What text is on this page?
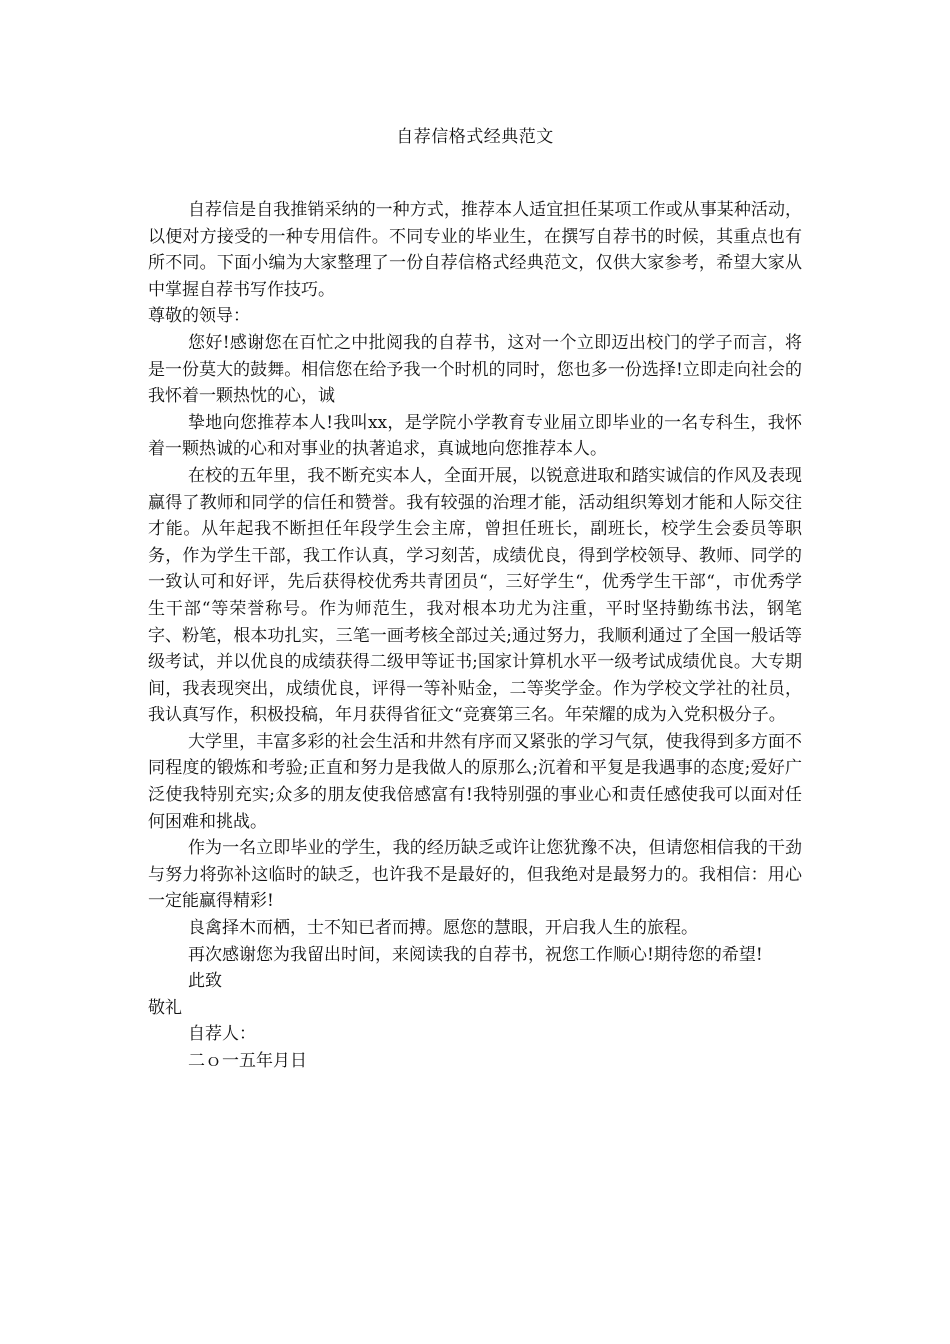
自荐信格式经典范文

自荐信是自我推销采纳的一种方式，推荐本人适宜担任某项工作或从事某种活动，以便对方接受的一种专用信件。不同专业的毕业生，在撰写自荐书的时候，其重点也有所不同。下面小编为大家整理了一份自荐信格式经典范文，仅供大家参考，希望大家从中掌握自荐书写作技巧。

尊敬的领导：

您好!感谢您在百忙之中批阅我的自荐书，这对一个立即迈出校门的学子而言，将是一份莫大的鼓舞。相信您在给予我一个时机的同时，您也多一份选择!立即走向社会的我怀着一颗热忱的心，诚

挚地向您推荐本人!我叫xx，是学院小学教育专业届立即毕业的一名专科生，我怀着一颗热诚的心和对事业的执著追求，真诚地向您推荐本人。

在校的五年里，我不断充实本人，全面开展，以锐意进取和踏实诚信的作风及表现赢得了教师和同学的信任和赞誉。我有较强的治理才能，活动组织筹划才能和人际交往才能。从年起我不断担任年段学生会主席，曾担任班长，副班长，校学生会委员等职务，作为学生干部，我工作认真，学习刻苦，成绩优良，得到学校领导、教师、同学的一致认可和好评，先后获得校优秀共青团员“，三好学生“，优秀学生干部“，市优秀学生干部“等荣誉称号。作为师范生，我对根本功尤为注重，平时坚持勤练书法，钢笔字、粉笔，根本功扎实，三笔一画考核全部过关;通过努力，我顺利通过了全国一般话等级考试，并以优良的成绩获得二级甲等证书;国家计算机水平一级考试成绩优良。大专期间，我表现突出，成绩优良，评得一等补贴金，二等奖学金。作为学校文学社的社员，我认真写作，积极投稿，年月获得省征文“竞赛第三名。年荣耀的成为入党积极分子。

大学里，丰富多彩的社会生活和井然有序而又紧张的学习气氛，使我得到多方面不同程度的锻炼和考验;正直和努力是我做人的原那么;沉着和平复是我遇事的态度;爱好广泛使我特别充实;众多的朋友使我倍感富有!我特别强的事业心和责任感使我可以面对任何困难和挑战。

作为一名立即毕业的学生，我的经历缺乏或许让您犹豫不决，但请您相信我的干劲与努力将弥补这临时的缺乏，也许我不是最好的，但我绝对是最努力的。我相信：用心一定能赢得精彩!

良禽择木而栖，士不知已者而搏。愿您的慧眼，开启我人生的旅程。

再次感谢您为我留出时间，来阅读我的自荐书，祝您工作顺心!期待您的希望!

此致

敬礼

自荐人：

二ｏ一五年月日
